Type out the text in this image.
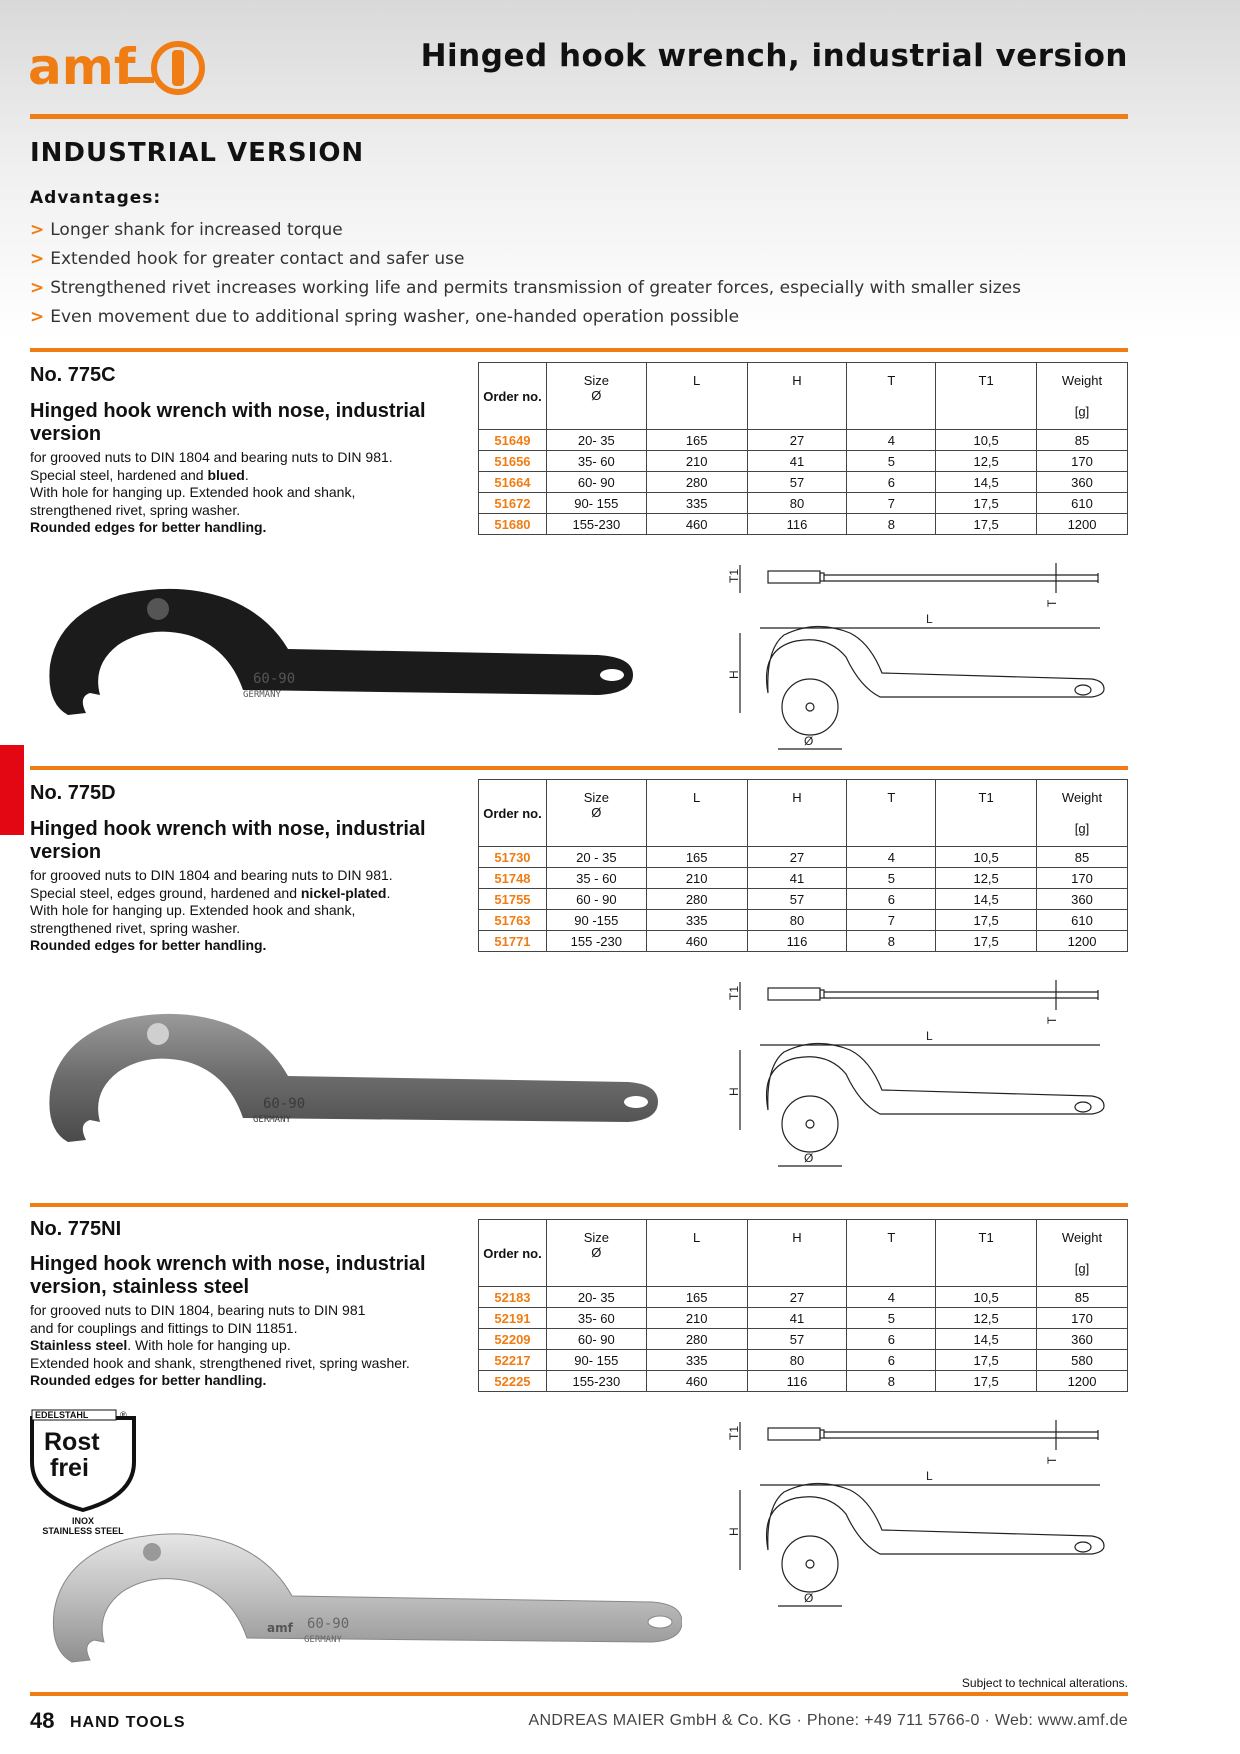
amf	Hinged hook wrench, industrial version
INDUSTRIAL VERSION
Advantages:
> Longer shank for increased torque
> Extended hook for greater contact and safer use
> Strengthened rivet increases working life and permits transmission of greater forces, especially with smaller sizes
> Even movement due to additional spring washer, one-handed operation possible
No. 775C
Hinged hook wrench with nose, industrial version

for grooved nuts to DIN 1804 and bearing nuts to DIN 981.

Special steel, hardened and blued.

With hole for hanging up. Extended hook and shank,

strengthened rivet, spring washer.

Rounded edges for better handling.

Order no.	Size
Ø	L	H	T	T1	Weight
[g]

51649	20- 35	165	27	4	10,5	85
51656	35- 60	210	41	5	12,5	170
51664	60- 90	280	57	6	14,5	360
51672	90- 155	335	80	7	17,5	610
51680	155-230	460	116	8	17,5	1200
60-90
GERMANY
T1
T
L
H
Ø
No. 775D
Hinged hook wrench with nose, industrial version

for grooved nuts to DIN 1804 and bearing nuts to DIN 981.

Special steel, edges ground, hardened and nickel-plated.

With hole for hanging up. Extended hook and shank,

strengthened rivet, spring washer.

Rounded edges for better handling.

Order no.	Size
Ø	L	H	T	T1	Weight
[g]

51730	20 - 35	165	27	4	10,5	85
51748	35 - 60	210	41	5	12,5	170
51755	60 - 90	280	57	6	14,5	360
51763	90 -155	335	80	7	17,5	610
51771	155 -230	460	116	8	17,5	1200
60-90
GERMANY
T1
T
L
H
Ø
No. 775NI
Hinged hook wrench with nose, industrial version, stainless steel

for grooved nuts to DIN 1804, bearing nuts to DIN 981

and for couplings and fittings to DIN 11851.

Stainless steel. With hole for hanging up.

Extended hook and shank, strengthened rivet, spring washer.

Rounded edges for better handling.

Order no.	Size
Ø	L	H	T	T1	Weight
[g]

52183	20- 35	165	27	4	10,5	85
52191	35- 60	210	41	5	12,5	170
52209	60- 90	280	57	6	14,5	360
52217	90- 155	335	80	6	17,5	580
52225	155-230	460	116	8	17,5	1200
EDELSTAHL	®
Rost
frei
INOX
STAINLESS STEEL
amf 60-90
GERMANY
T1
T
L
H
Ø
Subject to technical alterations.
48 HAND TOOLS	ANDREAS MAIER GmbH & Co. KG · Phone: +49 711 5766-0 · Web: www.amf.de
